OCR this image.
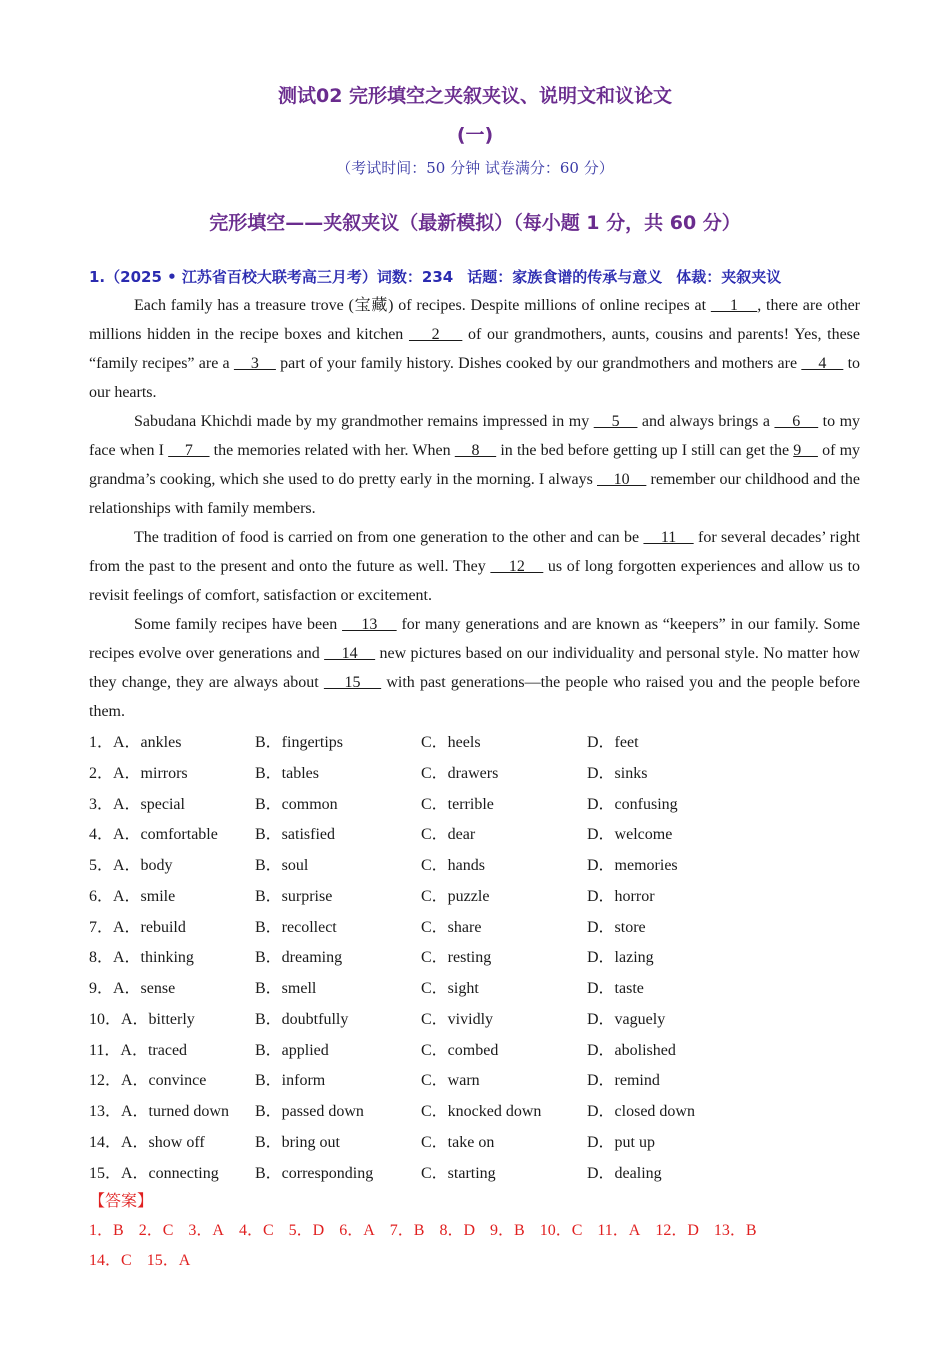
测试02 完形填空之夹叙夹议、说明文和议论文
(一)
（考试时间：50 分钟 试卷满分：60 分）
完形填空——夹叙夹议（最新模拟）（每小题 1 分，共 60 分）
1.（2025 • 江苏省百校大联考高三月考）词数：234 话题：家族食谱的传承与意义 体裁：夹叙夹议

Each family has a treasure trove (宝藏) of recipes. Despite millions of online recipes at     1    , there are other millions hidden in the recipe boxes and kitchen     2     of our grandmothers, aunts, cousins and parents! Yes, these “family recipes” are a     3     part of your family history. Dishes cooked by our grandmothers and mothers are     4     to our hearts.

Sabudana Khichdi made by my grandmother remains impressed in my     5     and always brings a     6     to my face when I     7     the memories related with her. When     8     in the bed before getting up I still can get the 9     of my grandma’s cooking, which she used to do pretty early in the morning. I always     10     remember our childhood and the relationships with family members.

The tradition of food is carried on from one generation to the other and can be     11     for several decades’ right from the past to the present and onto the future as well. They     12     us of long forgotten experiences and allow us to revisit feelings of comfort, satisfaction or excitement.

Some family recipes have been     13     for many generations and are known as “keepers” in our family. Some recipes evolve over generations and     14     new pictures based on our individuality and personal style. No matter how they change, they are always about     15     with past generations—the people who raised you and the people before them.

1．A．ankles	B．fingertips	C．heels	D．feet
2．A．mirrors	B．tables	C．drawers	D．sinks
3．A．special	B．common	C．terrible	D．confusing
4．A．comfortable B．satisfied	C．dear	D．welcome
5．A．body	B．soul	C．hands	D．memories
6．A．smile	B．surprise	C．puzzle	D．horror
7．A．rebuild	B．recollect	C．share	D．store
8．A．thinking	B．dreaming	C．resting	D．lazing
9．A．sense	B．smell	C．sight	D．taste
10．A．bitterly	B．doubtfully	C．vividly	D．vaguely
11．A．traced	B．applied	C．combed	D．abolished
12．A．convince	B．inform	C．warn	D．remind
13．A．turned down B．passed down	C．knocked down	D．closed down
14．A．show off	B．bring out	C．take on	D．put up
15．A．connecting B．corresponding	C．starting	D．dealing
【答案】
1．B 2．C 3．A 4．C 5．D 6．A 7．B 8．D 9．B 10．C 11．A 12．D 13．B
14．C 15．A
